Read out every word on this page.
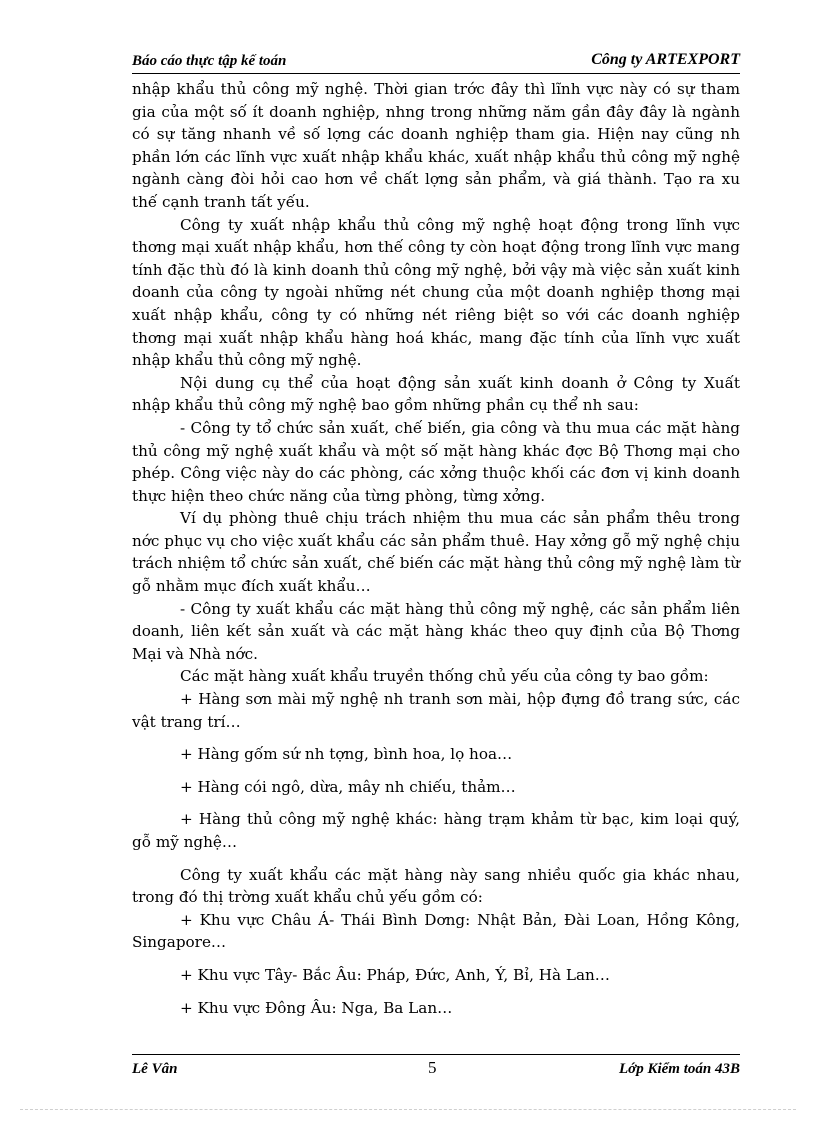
Báo cáo thực tập kế toán	Công ty ARTEXPORT

nhập khẩu thủ công mỹ nghệ. Thời gian trớc đây thì lĩnh vực này có sự tham gia của một số ít doanh nghiệp, nhng trong những năm gần đây đây là ngành có sự tăng nhanh về số lợng các doanh nghiệp tham gia. Hiện nay cũng nh phần lớn các lĩnh vực xuất nhập khẩu khác, xuất nhập khẩu thủ công mỹ nghệ ngành càng đòi hỏi cao hơn về chất lợng sản phẩm, và giá thành. Tạo ra xu thế cạnh tranh tất yếu.

Công ty xuất nhập khẩu thủ công mỹ nghệ hoạt động trong lĩnh vực thơng mại xuất nhập khẩu, hơn thế công ty còn hoạt động trong lĩnh vực mang tính đặc thù đó là kinh doanh thủ công mỹ nghệ, bởi vậy mà việc sản xuất kinh doanh của công ty ngoài những nét chung của một doanh nghiệp thơng mại xuất nhập khẩu, công ty có những nét riêng biệt so với các doanh nghiệp thơng mại xuất nhập khẩu hàng hoá khác, mang đặc tính của lĩnh vực xuất nhập khẩu thủ công mỹ nghệ.

Nội dung cụ thể của hoạt động sản xuất kinh doanh ở Công ty Xuất nhập khẩu thủ công mỹ nghệ bao gồm những phần cụ thể nh sau:

- Công ty tổ chức sản xuất, chế biến, gia công và thu mua các mặt hàng thủ công mỹ nghệ xuất khẩu và một số mặt hàng khác đợc Bộ Thơng mại cho phép. Công việc này do các phòng, các xởng thuộc khối các đơn vị kinh doanh thực hiện theo chức năng của từng phòng, từng xởng.

Ví dụ phòng thuê chịu trách nhiệm thu mua các sản phẩm thêu trong nớc phục vụ cho việc xuất khẩu các sản phẩm thuê. Hay xởng gỗ mỹ nghệ chịu trách nhiệm tổ chức sản xuất, chế biến các mặt hàng thủ công mỹ nghệ làm từ gỗ nhằm mục đích xuất khẩu…

- Công ty xuất khẩu các mặt hàng thủ công mỹ nghệ, các sản phẩm liên doanh, liên kết sản xuất và các mặt hàng khác theo quy định của Bộ Thơng Mại và Nhà nớc.

Các mặt hàng xuất khẩu truyền thống chủ yếu của công ty bao gồm:

+ Hàng sơn mài mỹ nghệ nh tranh sơn mài, hộp đựng đồ trang sức, các vật trang trí…

+ Hàng gốm sứ nh tợng, bình hoa, lọ hoa…

+ Hàng cói ngô, dừa, mây nh chiếu, thảm…

+ Hàng thủ công mỹ nghệ khác: hàng trạm khảm từ bạc, kim loại quý, gỗ mỹ nghệ…

Công ty xuất khẩu các mặt hàng này sang nhiều quốc gia khác nhau, trong đó thị trờng xuất khẩu chủ yếu gồm có:

+ Khu vực Châu Á- Thái Bình Dơng: Nhật Bản, Đài Loan, Hồng Kông, Singapore…

+ Khu vực Tây- Bắc Âu: Pháp, Đức, Anh, Ý, Bỉ, Hà Lan…

+ Khu vực Đông Âu: Nga, Ba Lan…

Lê Vân	5	Lớp Kiểm toán 43B
